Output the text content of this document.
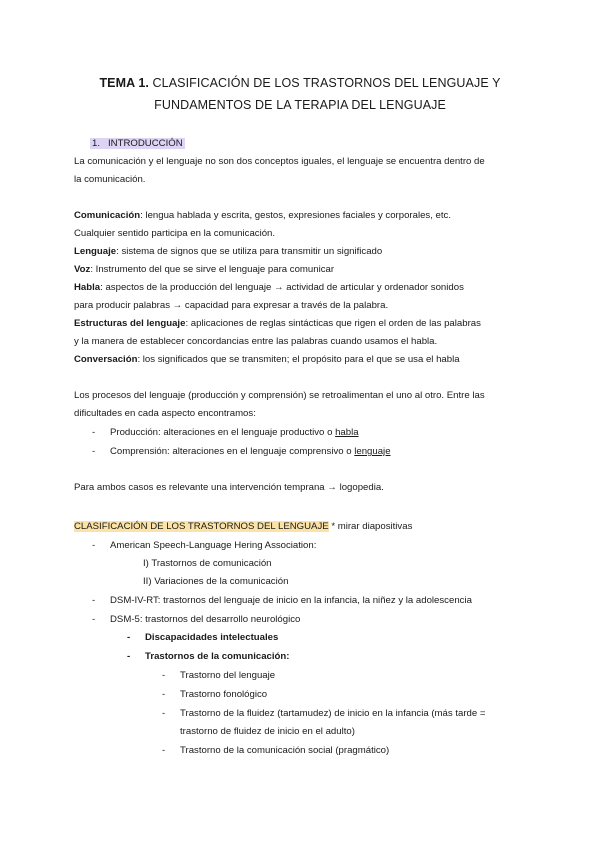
TEMA 1. CLASIFICACIÓN DE LOS TRASTORNOS DEL LENGUAJE Y
FUNDAMENTOS DE LA TERAPIA DEL LENGUAJE
1. INTRODUCCIÓN
La comunicación y el lenguaje no son dos conceptos iguales, el lenguaje se encuentra dentro de
la comunicación.
Comunicación: lengua hablada y escrita, gestos, expresiones faciales y corporales, etc.
Cualquier sentido participa en la comunicación.
Lenguaje: sistema de signos que se utiliza para transmitir un significado
Voz: Instrumento del que se sirve el lenguaje para comunicar
Habla: aspectos de la producción del lenguaje → actividad de articular y ordenador sonidos
para producir palabras → capacidad para expresar a través de la palabra.
Estructuras del lenguaje: aplicaciones de reglas sintácticas que rigen el orden de las palabras
y la manera de establecer concordancias entre las palabras cuando usamos el habla.
Conversación: los significados que se transmiten; el propósito para el que se usa el habla
Los procesos del lenguaje (producción y comprensión) se retroalimentan el uno al otro. Entre las
dificultades en cada aspecto encontramos:
- Producción: alteraciones en el lenguaje productivo o habla
- Comprensión: alteraciones en el lenguaje comprensivo o lenguaje
Para ambos casos es relevante una intervención temprana → logopedia.
CLASIFICACIÓN DE LOS TRASTORNOS DEL LENGUAJE * mirar diapositivas
- American Speech-Language Hering Association:
I) Trastornos de comunicación
II) Variaciones de la comunicación
- DSM-IV-RT: trastornos del lenguaje de inicio en la infancia, la niñez y la adolescencia
- DSM-5: trastornos del desarrollo neurológico
- Discapacidades intelectuales
- Trastornos de la comunicación:
- Trastorno del lenguaje
- Trastorno fonológico
- Trastorno de la fluidez (tartamudez) de inicio en la infancia (más tarde =
trastorno de fluidez de inicio en el adulto)
- Trastorno de la comunicación social (pragmático)
